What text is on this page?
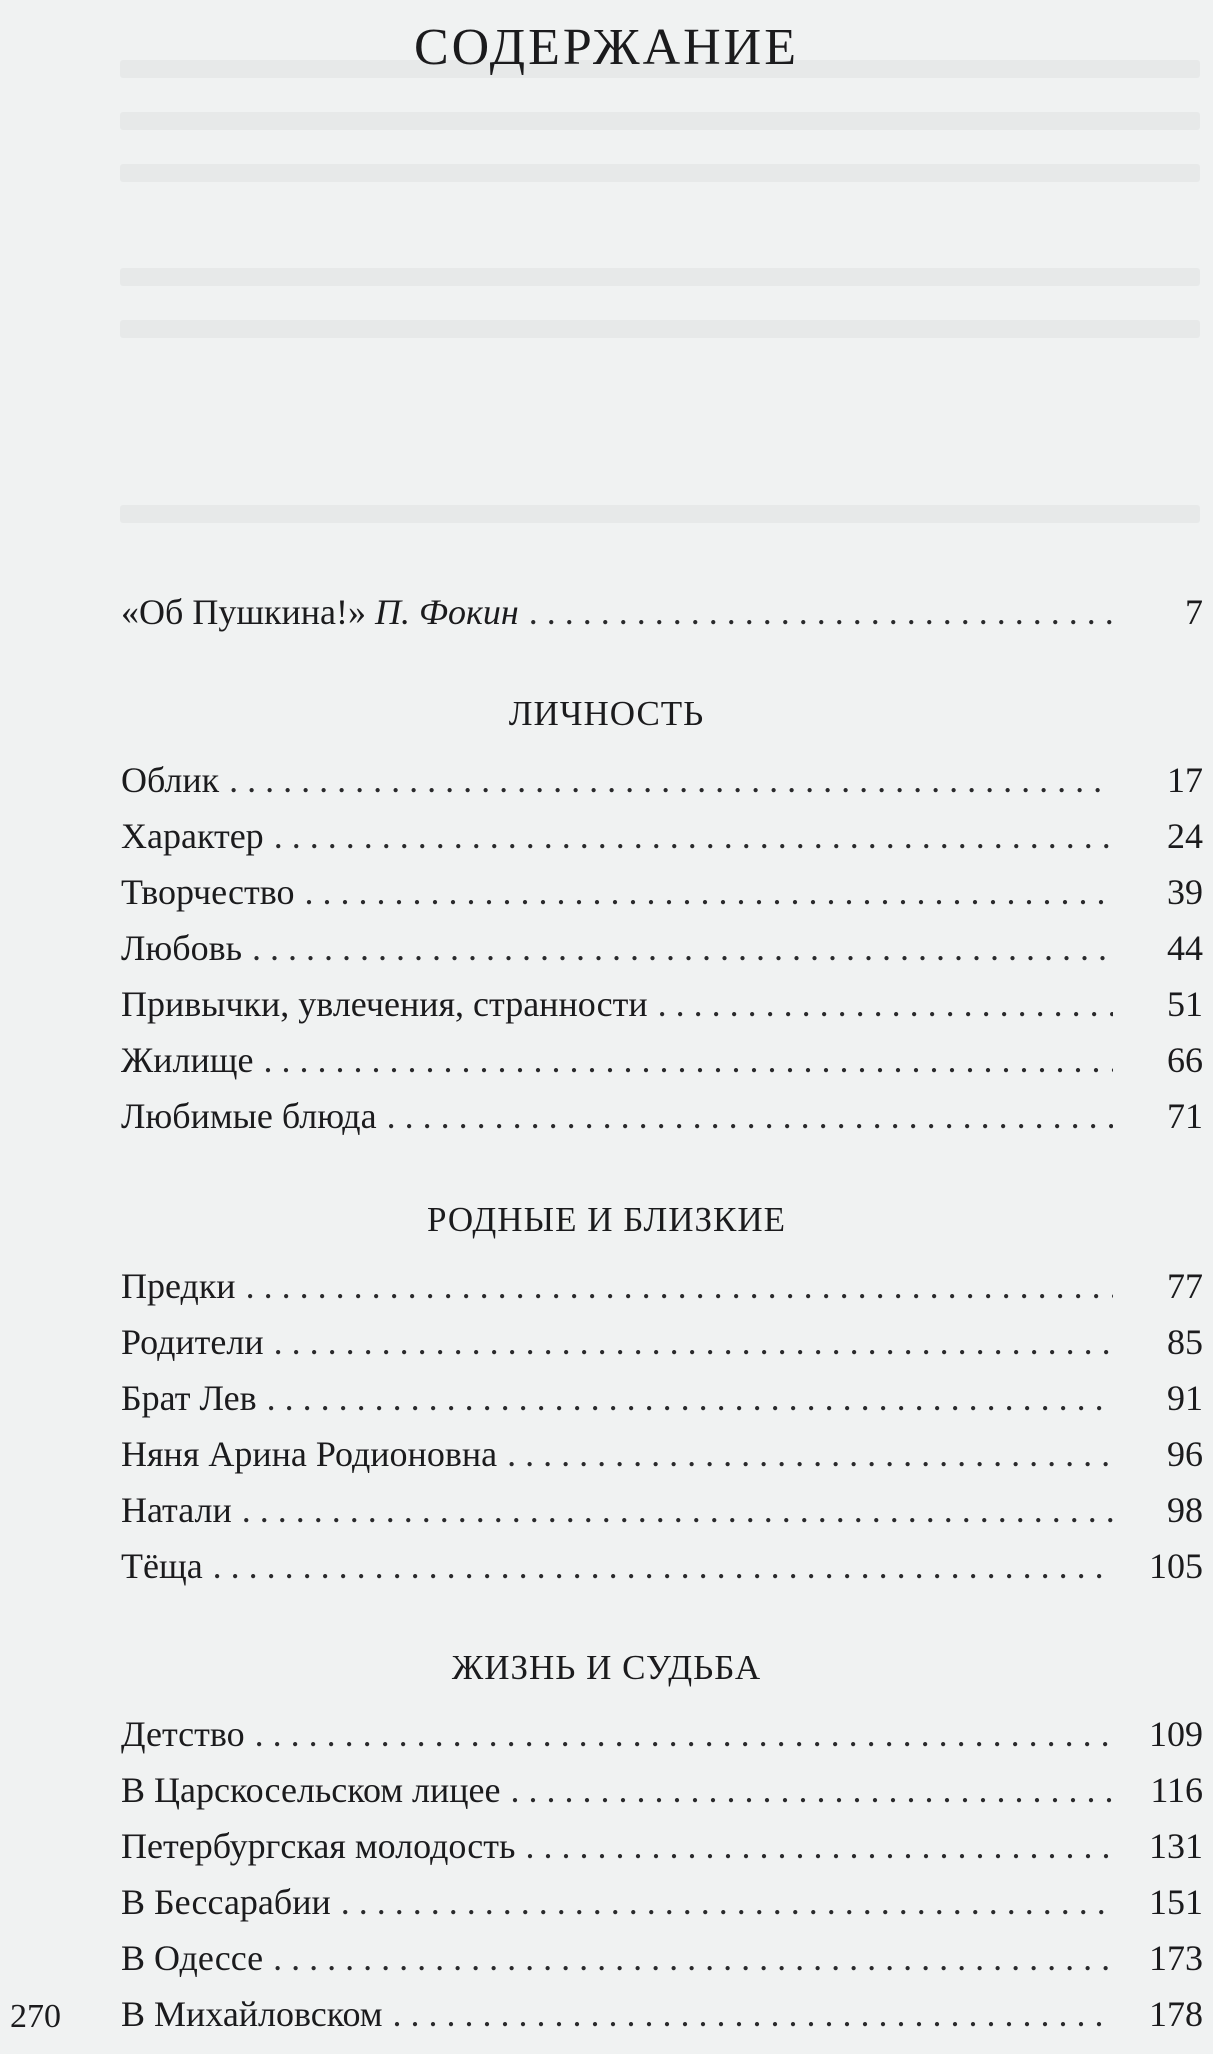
СОДЕРЖАНИЕ
«Об Пушкина!» П. Фокин . . .	7
ЛИЧНОСТЬ
Облик . . .	17
Характер . . .	24
Творчество . . .	39
Любовь . . .	44
Привычки, увлечения, странности . . .	51
Жилище . . .	66
Любимые блюда . . .	71
РОДНЫЕ И БЛИЗКИЕ
Предки . . .	77
Родители . . .	85
Брат Лев . . .	91
Няня Арина Родионовна . . .	96
Натали . . .	98
Тёща . . .	105
ЖИЗНЬ И СУДЬБА
Детство . . .	109
В Царскосельском лицее . . .	116
Петербургская молодость . . .	131
В Бессарабии . . .	151
В Одессе . . .	173
В Михайловском . . .	178
270
